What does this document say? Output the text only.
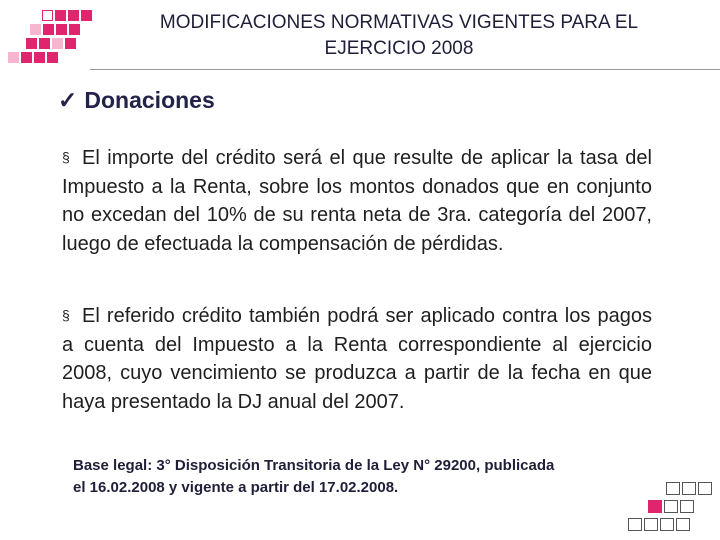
MODIFICACIONES NORMATIVAS VIGENTES PARA EL
EJERCICIO 2008
✓ Donaciones
§ El importe del crédito será el que resulte de aplicar la tasa del Impuesto a la Renta, sobre los montos donados que en conjunto no excedan del 10% de su renta neta de 3ra. categoría del 2007, luego de efectuada la compensación de pérdidas.
§ El referido crédito también podrá ser aplicado contra los pagos a cuenta del Impuesto a la Renta correspondiente al ejercicio 2008, cuyo vencimiento se produzca a partir de la fecha en que haya presentado la DJ anual del 2007.
Base legal: 3° Disposición Transitoria de la Ley N° 29200, publicada
el 16.02.2008 y vigente a partir del 17.02.2008.
